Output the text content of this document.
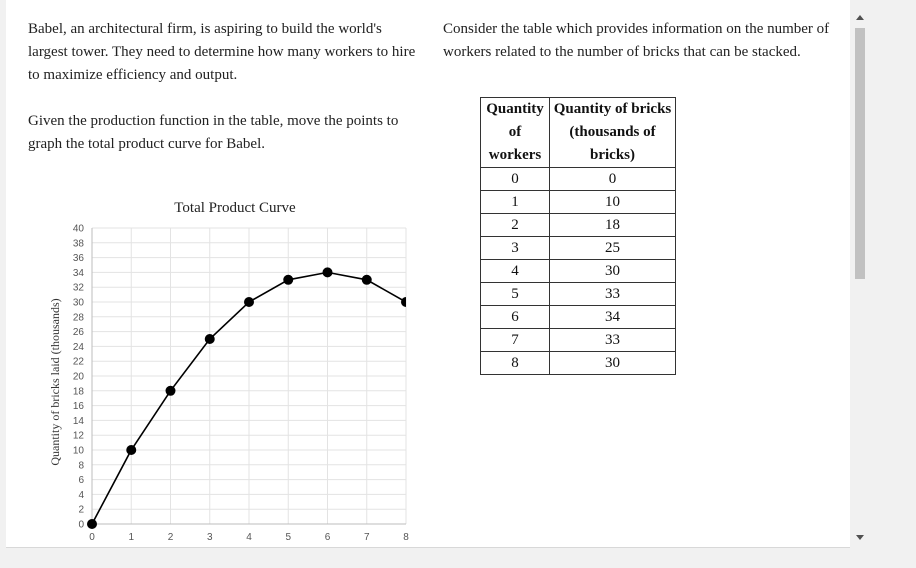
Babel, an architectural firm, is aspiring to build the world's largest tower. They need to determine how many workers to hire to maximize efficiency and output.

Given the production function in the table, move the points to graph the total product curve for Babel.

Consider the table which provides information on the number of workers related to the number of bricks that can be stacked.

Quantity of workers	Quantity of bricks (thousands of bricks)
0	0
1	10
2	18
3	25
4	30
5	33
6	34
7	33
8	30
Total Product Curve
0
2
4
6
8
10
12
14
16
18
20
22
24
26
28
30
32
34
36
38
40
0	1	2	3	4	5	6	7	8
Quantity of bricks laid (thousands)
